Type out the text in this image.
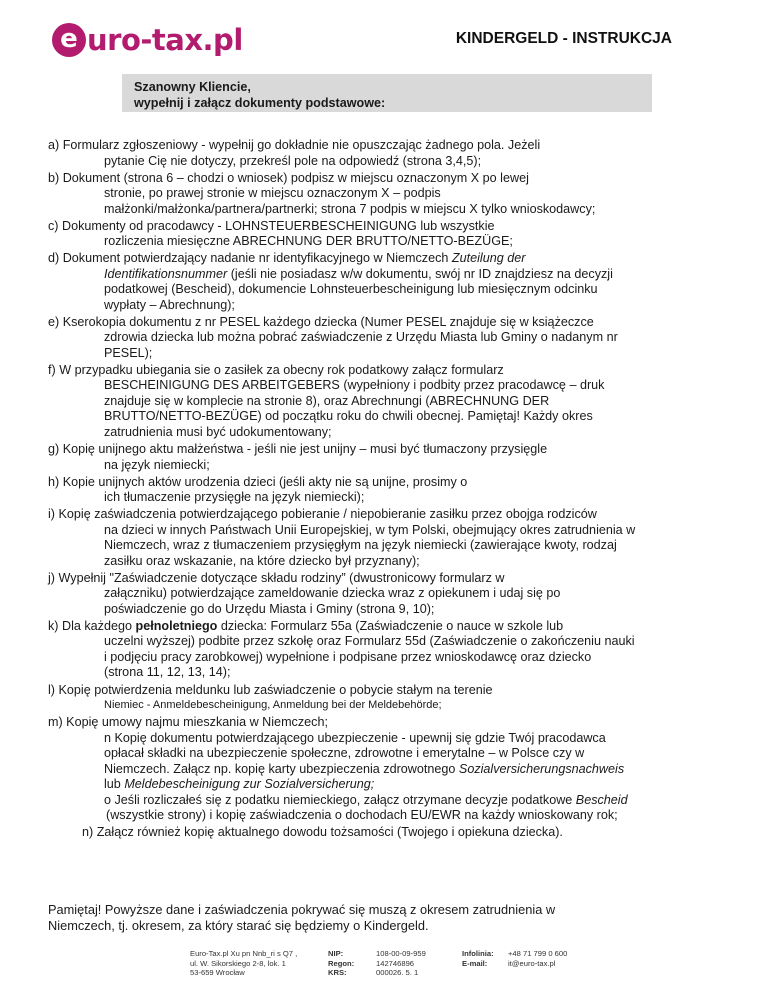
e uro-tax.pl	KINDERGELD - INSTRUKCJA
Szanowny Kliencie,
wypełnij i załącz dokumenty podstawowe:
a) Formularz zgłoszeniowy - wypełnij go dokładnie nie opuszczając żadnego pola. Jeżeli
pytanie Cię nie dotyczy, przekreśl pole na odpowiedź (strona 3,4,5);
b) Dokument (strona 6 – chodzi o wniosek) podpisz w miejscu oznaczonym X po lewej
stronie, po prawej stronie w miejscu oznaczonym X – podpis
małżonki/małżonka/partnera/partnerki; strona 7 podpis w miejscu X tylko wnioskodawcy;
c) Dokumenty od pracodawcy - LOHNSTEUERBESCHEINIGUNG lub wszystkie
rozliczenia miesięczne ABRECHNUNG DER BRUTTO/NETTO-BEZÜGE;
d) Dokument potwierdzający nadanie nr identyfikacyjnego w Niemczech Zuteilung der
Identifikationsnummer (jeśli nie posiadasz w/w dokumentu, swój nr ID znajdziesz na decyzji
podatkowej (Bescheid), dokumencie Lohnsteuerbescheinigung lub miesięcznym odcinku
wypłaty – Abrechnung);
e) Kserokopia dokumentu z nr PESEL każdego dziecka (Numer PESEL znajduje się w książeczce
zdrowia dziecka lub można pobrać zaświadczenie z Urzędu Miasta lub Gminy o nadanym nr
PESEL);
f) W przypadku ubiegania sie o zasiłek za obecny rok podatkowy załącz formularz
BESCHEINIGUNG DES ARBEITGEBERS (wypełniony i podbity przez pracodawcę – druk
znajduje się w komplecie na stronie 8), oraz Abrechnungi (ABRECHNUNG DER
BRUTTO/NETTO-BEZÜGE) od początku roku do chwili obecnej. Pamiętaj! Każdy okres
zatrudnienia musi być udokumentowany;
g) Kopię unijnego aktu małżeństwa - jeśli nie jest unijny – musi być tłumaczony przysięgle
na język niemiecki;
h) Kopie unijnych aktów urodzenia dzieci (jeśli akty nie są unijne, prosimy o
ich tłumaczenie przysięgłe na język niemiecki);
i) Kopię zaświadczenia potwierdzającego pobieranie / niepobieranie zasiłku przez obojga rodziców
na dzieci w innych Państwach Unii Europejskiej, w tym Polski, obejmujący okres zatrudnienia w
Niemczech, wraz z tłumaczeniem przysięgłym na język niemiecki (zawierające kwoty, rodzaj
zasiłku oraz wskazanie, na które dziecko był przyznany);
j) Wypełnij "Zaświadczenie dotyczące składu rodziny” (dwustronicowy formularz w
załączniku) potwierdzające zameldowanie dziecka wraz z opiekunem i udaj się po
poświadczenie go do Urzędu Miasta i Gminy (strona 9, 10);
k) Dla każdego pełnoletniego dziecka: Formularz 55a (Zaświadczenie o nauce w szkole lub
uczelni wyższej) podbite przez szkołę oraz Formularz 55d (Zaświadczenie o zakończeniu nauki
i podjęciu pracy zarobkowej) wypełnione i podpisane przez wnioskodawcę oraz dziecko
(strona 11, 12, 13, 14);
l) Kopię potwierdzenia meldunku lub zaświadczenie o pobycie stałym na terenie
Niemiec - Anmeldebescheinigung, Anmeldung bei der Meldebehörde;
m) Kopię umowy najmu mieszkania w Niemczech;
n Kopię dokumentu potwierdzającego ubezpieczenie - upewnij się gdzie Twój pracodawca
opłacał składki na ubezpieczenie społeczne, zdrowotne i emerytalne – w Polsce czy w
Niemczech. Załącz np. kopię karty ubezpieczenia zdrowotnego Sozialversicherungsnachweis
lub Meldebescheinigung zur Sozialversicherung;
o Jeśli rozliczałeś się z podatku niemieckiego, załącz otrzymane decyzje podatkowe Bescheid
(wszystkie strony) i kopię zaświadczenia o dochodach EU/EWR na każdy wnioskowany rok;
n) Załącz również kopię aktualnego dowodu tożsamości (Twojego i opiekuna dziecka).
Pamiętaj! Powyższe dane i zaświadczenia pokrywać się muszą z okresem zatrudnienia w
Niemczech, tj. okresem, za który starać się będziemy o Kindergeld.
Euro-Tax.pl Xu pn Nnb_ri s Q7 ,
ul. W. Sikorskiego 2-8, lok. 1
53-659 Wrocław
NIP:
Regon:
KRS:
108-00-09-959
142746896
000026. 5. 1
Infolinia:
E-mail:
+48 71 799 0 600
it@euro-tax.pl
